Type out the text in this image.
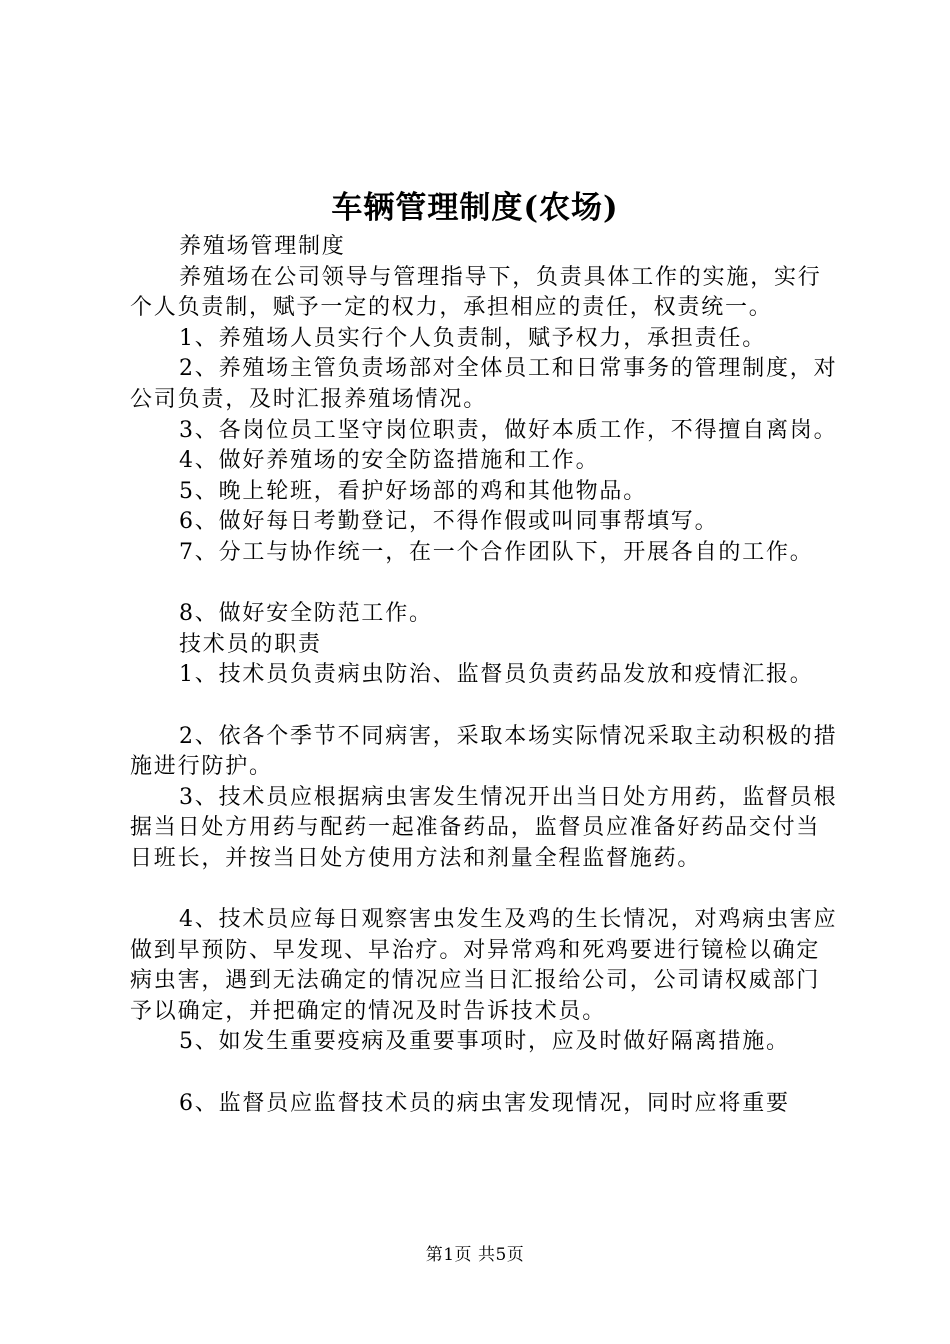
车辆管理制度(农场)

养殖场管理制度

养殖场在公司领导与管理指导下，负责具体工作的实施，实行个人负责制，赋予一定的权力，承担相应的责任，权责统一。

1、养殖场人员实行个人负责制，赋予权力，承担责任。

2、养殖场主管负责场部对全体员工和日常事务的管理制度，对公司负责，及时汇报养殖场情况。

3、各岗位员工坚守岗位职责，做好本质工作，不得擅自离岗。

4、做好养殖场的安全防盗措施和工作。

5、晚上轮班，看护好场部的鸡和其他物品。

6、做好每日考勤登记，不得作假或叫同事帮填写。

7、分工与协作统一，在一个合作团队下，开展各自的工作。

8、做好安全防范工作。

技术员的职责

1、技术员负责病虫防治、监督员负责药品发放和疫情汇报。

2、依各个季节不同病害，采取本场实际情况采取主动积极的措施进行防护。

3、技术员应根据病虫害发生情况开出当日处方用药，监督员根据当日处方用药与配药一起准备药品，监督员应准备好药品交付当日班长，并按当日处方使用方法和剂量全程监督施药。

4、技术员应每日观察害虫发生及鸡的生长情况，对鸡病虫害应做到早预防、早发现、早治疗。对异常鸡和死鸡要进行镜检以确定病虫害，遇到无法确定的情况应当日汇报给公司，公司请权威部门予以确定，并把确定的情况及时告诉技术员。

5、如发生重要疫病及重要事项时，应及时做好隔离措施。

6、监督员应监督技术员的病虫害发现情况，同时应将重要

第1页 共5页
